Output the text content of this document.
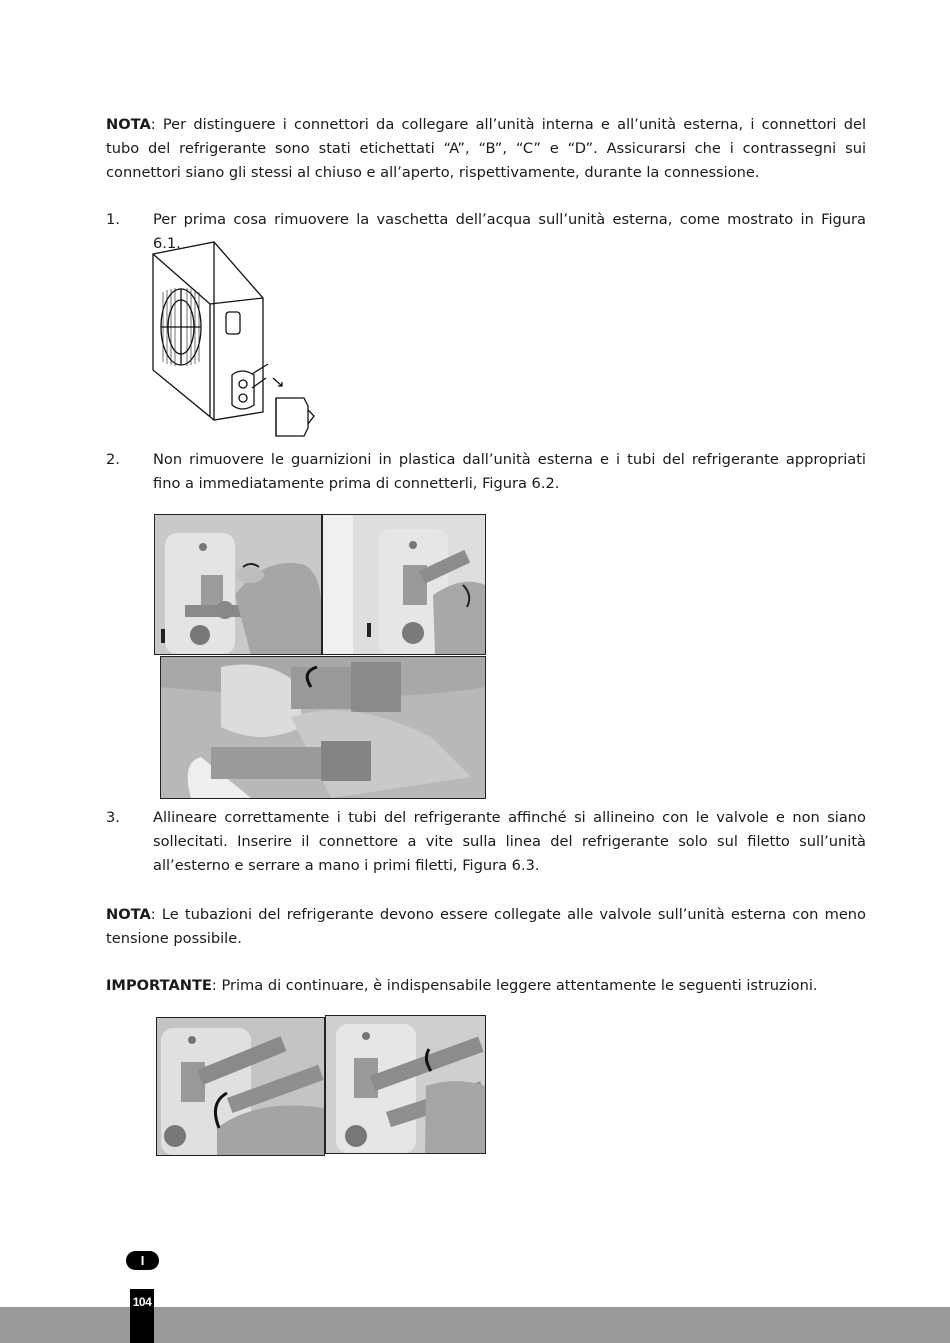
NOTA: Per distinguere i connettori da collegare all’unità interna e all’unità esterna, i connettori del tubo del refrigerante sono stati etichettati “A”, “B”, “C” e “D”. Assicurarsi che i contrassegni sui connettori siano gli stessi al chiuso e all’aperto, rispettivamente, durante la connessione.

1. Per prima cosa rimuovere la vaschetta dell’acqua sull’unità esterna, come mostrato in Figura 6.1.
2. Non rimuovere le guarnizioni in plastica dall’unità esterna e i tubi del refrigerante appropriati fino a immediatamente prima di connetterli, Figura 6.2.
3. Allineare correttamente i tubi del refrigerante affinché si allineino con le valvole e non siano sollecitati. Inserire il connettore a vite sulla linea del refrigerante solo sul filetto sull’unità all’esterno e serrare a mano i primi filetti, Figura 6.3.

NOTA: Le tubazioni del refrigerante devono essere collegate alle valvole sull’unità esterna con meno tensione possibile.

IMPORTANTE: Prima di continuare, è indispensabile leggere attentamente le seguenti istruzioni.

I
104
